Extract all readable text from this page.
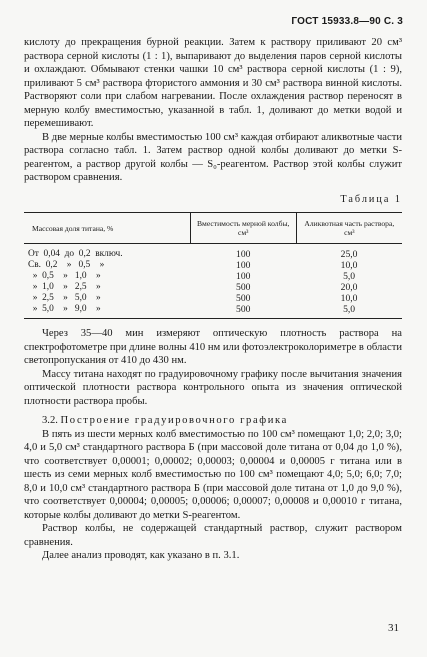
ГОСТ 15933.8—90 С. 3

кислоту до прекращения бурной реакции. Затем к раствору приливают 20 см³ раствора серной кислоты (1 : 1), выпаривают до выделения паров серной кислоты и охлаждают. Обмывают стенки чашки 10 см³ раствора серной кислоты (1 : 9), приливают 5 см³ раствора фтористого аммония и 30 см³ раствора винной кислоты. Растворяют соли при слабом нагревании. После охлаждения раствор переносят в мерную колбу вместимостью, указанной в табл. 1, доливают до метки водой и перемешивают.

В две мерные колбы вместимостью 100 см³ каждая отбирают аликвотные части раствора согласно табл. 1. Затем раствор одной колбы доливают до метки S-реагентом, а раствор другой колбы — S₀-реагентом. Раствор этой колбы служит раствором сравнения.

Таблица 1
Массовая доля титана, %	Вместимость мерной колбы, см³	Аликвотная часть раствора, см³
От  0,04  до  0,2  включ.	100	25,0
Св.  0,2    »   0,5    »	100	10,0
»  0,5    »   1,0    »	100	5,0
»  1,0    »   2,5    »	500	20,0
»  2,5    »   5,0    »	500	10,0
»  5,0    »   9,0    »	500	5,0

Через 35—40 мин измеряют оптическую плотность раствора на спектрофотометре при длине волны 410 нм или фотоэлектроколориметре в области светопропускания от 410 до 430 нм.

Массу титана находят по градуировочному графику после вычитания значения оптической плотности раствора контрольного опыта из значения оптической плотности раствора пробы.

3.2. Построение градуировочного графика

В пять из шести мерных колб вместимостью по 100 см³ помещают 1,0; 2,0; 3,0; 4,0 и 5,0 см³ стандартного раствора Б (при массовой доле титана от 0,04 до 1,0 %), что соответствует 0,00001; 0,00002; 0,00003; 0,00004 и 0,00005 г титана или в шесть из семи мерных колб вместимостью по 100 см³ помещают 4,0; 5,0; 6,0; 7,0; 8,0 и 10,0 см³ стандартного раствора Б (при массовой доле титана от 1,0 до 9,0 %), что соответствует 0,00004; 0,00005; 0,00006; 0,00007; 0,00008 и 0,00010 г титана, которые колбы доливают до метки S-реагентом.

Раствор колбы, не содержащей стандартный раствор, служит раствором сравнения.

Далее анализ проводят, как указано в п. 3.1.

31
